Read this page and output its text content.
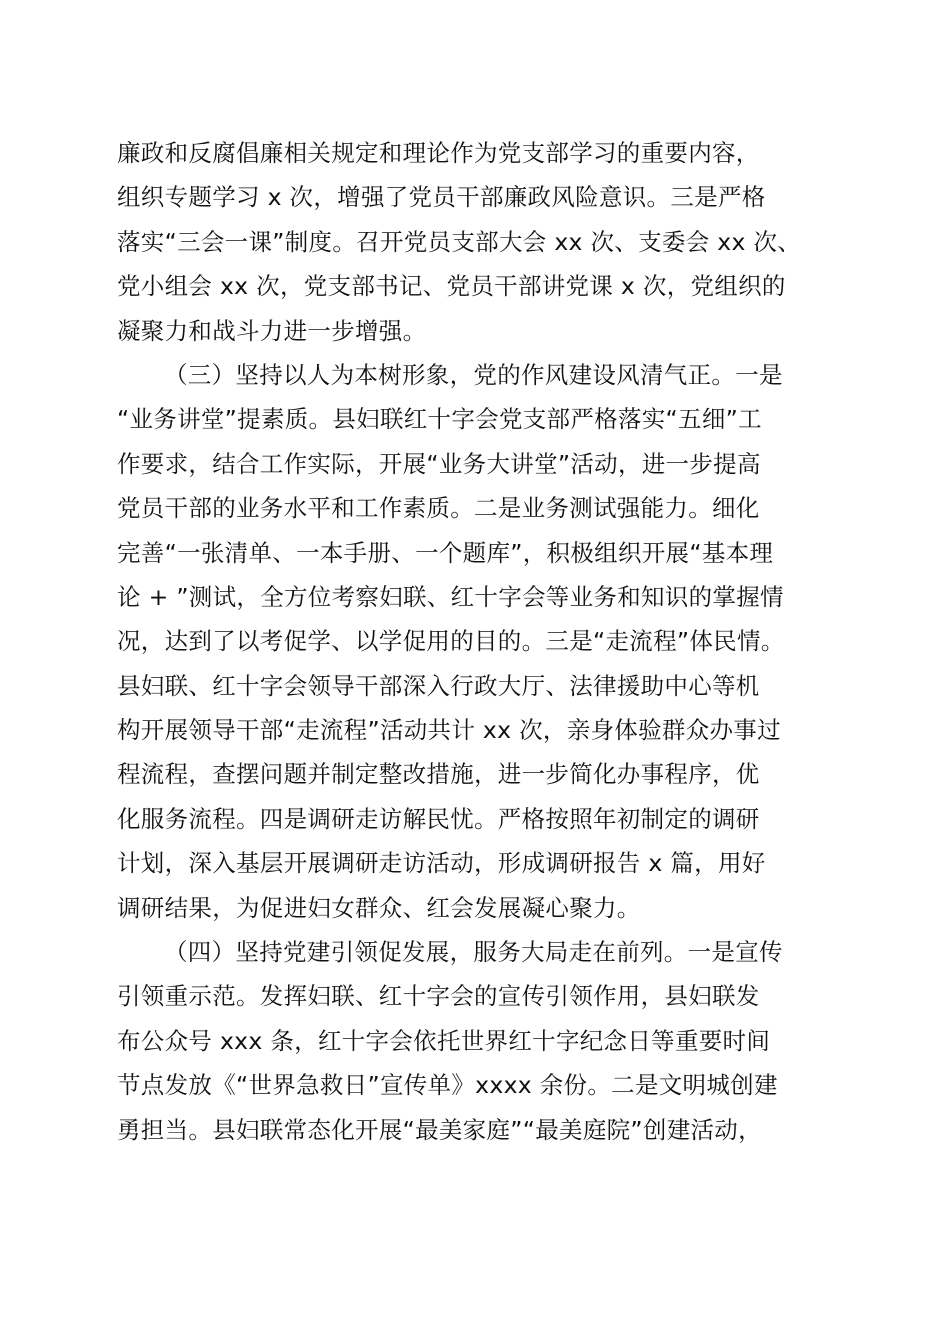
廉政和反腐倡廉相关规定和理论作为党支部学习的重要内容，
组织专题学习 x 次，增强了党员干部廉政风险意识。三是严格
落实“三会一课”制度。召开党员支部大会 xx 次、支委会 xx 次、
党小组会 xx 次，党支部书记、党员干部讲党课 x 次，党组织的
凝聚力和战斗力进一步增强。
（三）坚持以人为本树形象，党的作风建设风清气正。一是
“业务讲堂”提素质。县妇联红十字会党支部严格落实“五细”工
作要求，结合工作实际，开展“业务大讲堂”活动，进一步提高
党员干部的业务水平和工作素质。二是业务测试强能力。细化
完善“一张清单、一本手册、一个题库”，积极组织开展“基本理
论 + ”测试，全方位考察妇联、红十字会等业务和知识的掌握情
况，达到了以考促学、以学促用的目的。三是“走流程”体民情。
县妇联、红十字会领导干部深入行政大厅、法律援助中心等机
构开展领导干部“走流程”活动共计 xx 次，亲身体验群众办事过
程流程，查摆问题并制定整改措施，进一步简化办事程序，优
化服务流程。四是调研走访解民忧。严格按照年初制定的调研
计划，深入基层开展调研走访活动，形成调研报告 x 篇，用好
调研结果，为促进妇女群众、红会发展凝心聚力。
（四）坚持党建引领促发展，服务大局走在前列。一是宣传
引领重示范。发挥妇联、红十字会的宣传引领作用，县妇联发
布公众号 xxx 条，红十字会依托世界红十字纪念日等重要时间
节点发放《“世界急救日”宣传单》xxxx 余份。二是文明城创建
勇担当。县妇联常态化开展“最美家庭”“最美庭院”创建活动，
